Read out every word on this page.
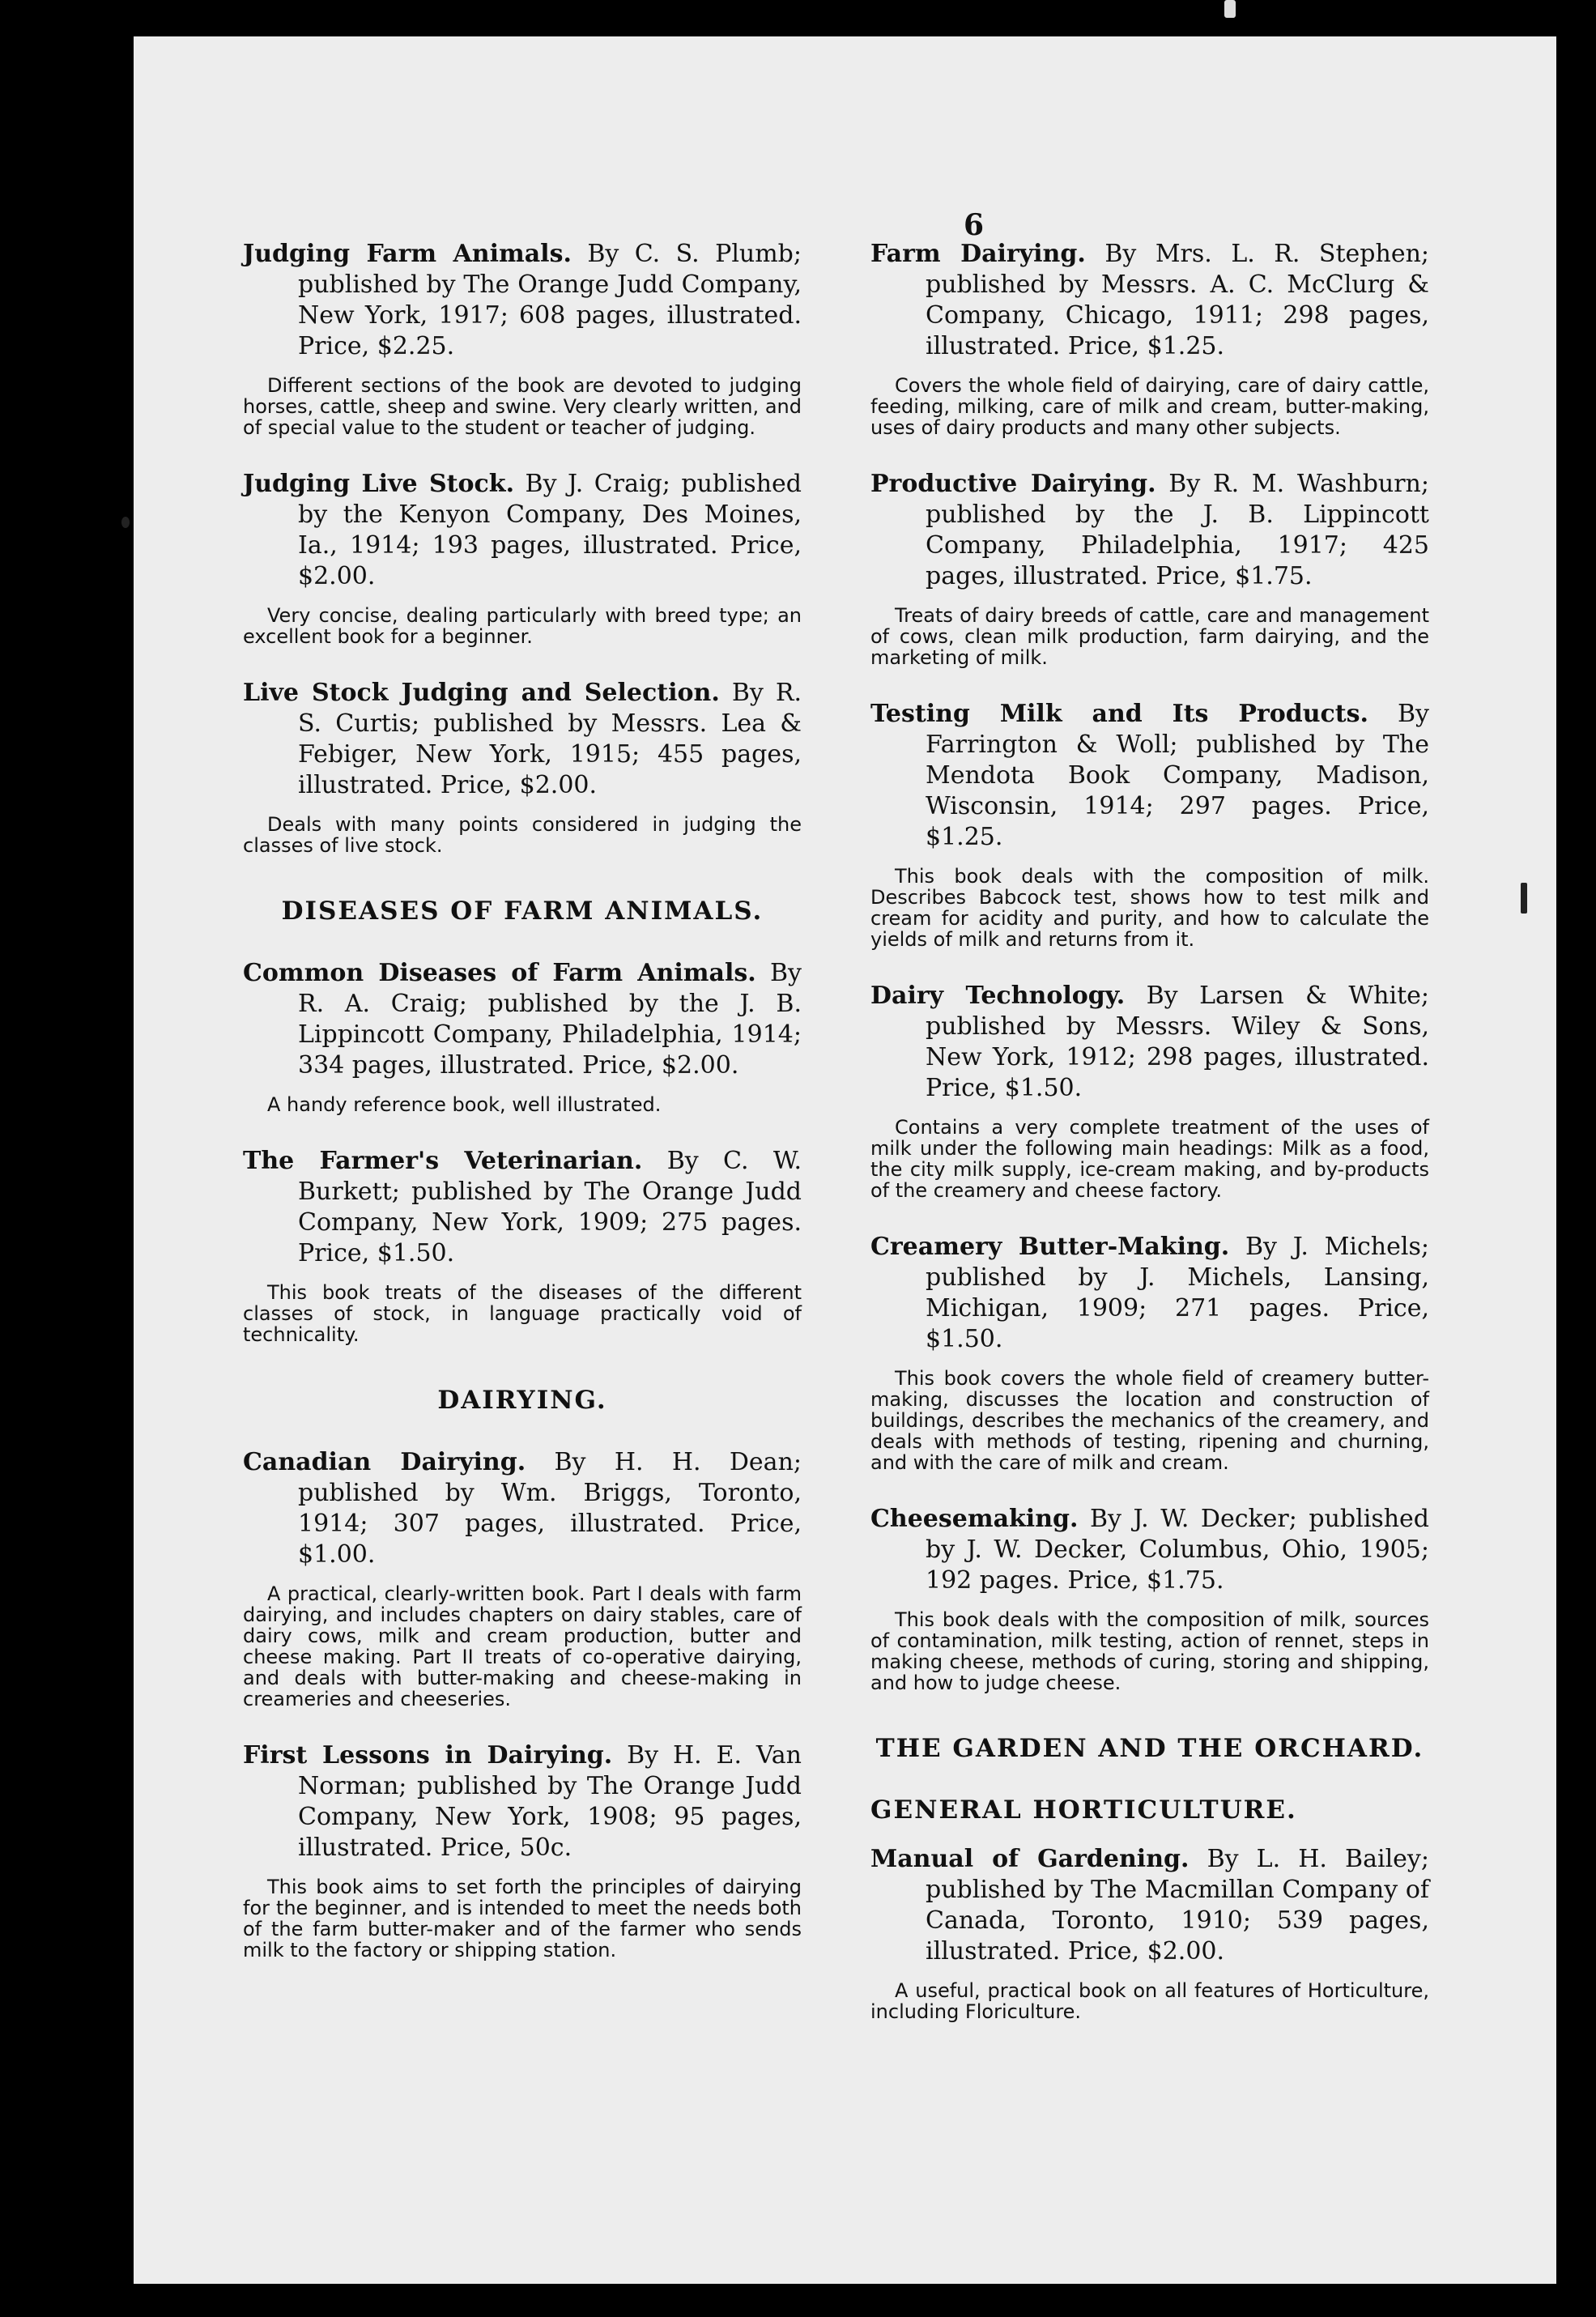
6
Judging Farm Animals. By C. S. Plumb; published by The Orange Judd Company, New York, 1917; 608 pages, illustrated. Price, $2.25.
Different sections of the book are devoted to judging horses, cattle, sheep and swine. Very clearly written, and of special value to the student or teacher of judging.
Judging Live Stock. By J. Craig; published by the Kenyon Company, Des Moines, Ia., 1914; 193 pages, illustrated. Price, $2.00.
Very concise, dealing particularly with breed type; an excellent book for a beginner.
Live Stock Judging and Selection. By R. S. Curtis; published by Messrs. Lea & Febiger, New York, 1915; 455 pages, illustrated. Price, $2.00.
Deals with many points considered in judging the classes of live stock.
DISEASES OF FARM ANIMALS.
Common Diseases of Farm Animals. By R. A. Craig; published by the J. B. Lippincott Company, Philadelphia, 1914; 334 pages, illustrated. Price, $2.00.
A handy reference book, well illustrated.
The Farmer's Veterinarian. By C. W. Burkett; published by The Orange Judd Company, New York, 1909; 275 pages. Price, $1.50.
This book treats of the diseases of the different classes of stock, in language practically void of technicality.
DAIRYING.
Canadian Dairying. By H. H. Dean; published by Wm. Briggs, Toronto, 1914; 307 pages, illustrated. Price, $1.00.
A practical, clearly-written book. Part I deals with farm dairying, and includes chapters on dairy stables, care of dairy cows, milk and cream production, butter and cheese making. Part II treats of co-operative dairying, and deals with butter-making and cheese-making in creameries and cheeseries.
First Lessons in Dairying. By H. E. Van Norman; published by The Orange Judd Company, New York, 1908; 95 pages, illustrated. Price, 50c.
This book aims to set forth the principles of dairying for the beginner, and is intended to meet the needs both of the farm butter-maker and of the farmer who sends milk to the factory or shipping station.
Farm Dairying. By Mrs. L. R. Stephen; published by Messrs. A. C. McClurg & Company, Chicago, 1911; 298 pages, illustrated. Price, $1.25.
Covers the whole field of dairying, care of dairy cattle, feeding, milking, care of milk and cream, butter-making, uses of dairy products and many other subjects.
Productive Dairying. By R. M. Washburn; published by the J. B. Lippincott Company, Philadelphia, 1917; 425 pages, illustrated. Price, $1.75.
Treats of dairy breeds of cattle, care and management of cows, clean milk production, farm dairying, and the marketing of milk.
Testing Milk and Its Products. By Farrington & Woll; published by The Mendota Book Company, Madison, Wisconsin, 1914; 297 pages. Price, $1.25.
This book deals with the composition of milk. Describes Babcock test, shows how to test milk and cream for acidity and purity, and how to calculate the yields of milk and returns from it.
Dairy Technology. By Larsen & White; published by Messrs. Wiley & Sons, New York, 1912; 298 pages, illustrated. Price, $1.50.
Contains a very complete treatment of the uses of milk under the following main headings: Milk as a food, the city milk supply, ice-cream making, and by-products of the creamery and cheese factory.
Creamery Butter-Making. By J. Michels; published by J. Michels, Lansing, Michigan, 1909; 271 pages. Price, $1.50.
This book covers the whole field of creamery butter-making, discusses the location and construction of buildings, describes the mechanics of the creamery, and deals with methods of testing, ripening and churning, and with the care of milk and cream.
Cheesemaking. By J. W. Decker; published by J. W. Decker, Columbus, Ohio, 1905; 192 pages. Price, $1.75.
This book deals with the composition of milk, sources of contamination, milk testing, action of rennet, steps in making cheese, methods of curing, storing and shipping, and how to judge cheese.
THE GARDEN AND THE ORCHARD.
GENERAL HORTICULTURE.
Manual of Gardening. By L. H. Bailey; published by The Macmillan Company of Canada, Toronto, 1910; 539 pages, illustrated. Price, $2.00.
A useful, practical book on all features of Horticulture, including Floriculture.
